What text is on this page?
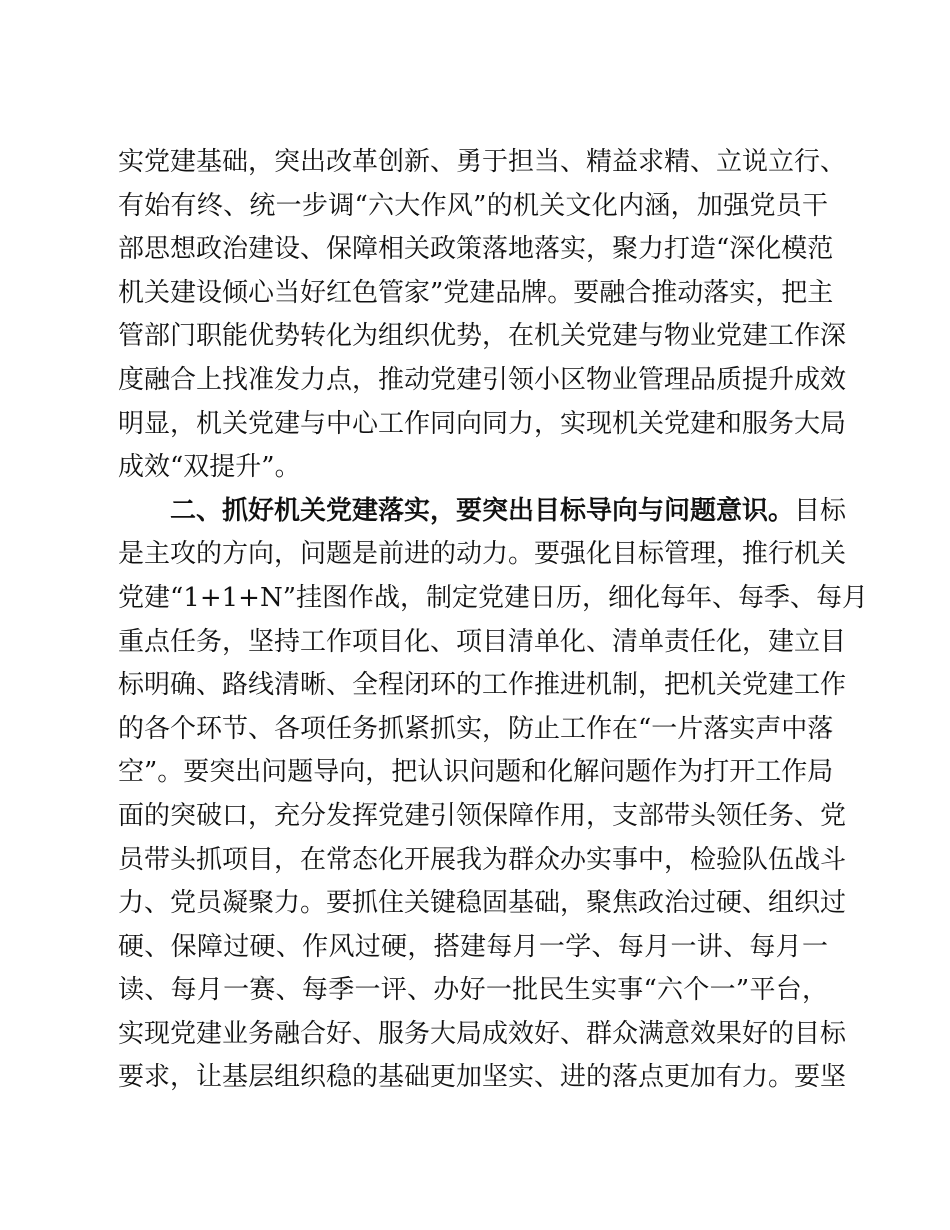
实党建基础，突出改革创新、勇于担当、精益求精、立说立行、
有始有终、统一步调“六大作风”的机关文化内涵，加强党员干
部思想政治建设、保障相关政策落地落实，聚力打造“深化模范
机关建设倾心当好红色管家”党建品牌。要融合推动落实，把主
管部门职能优势转化为组织优势，在机关党建与物业党建工作深
度融合上找准发力点，推动党建引领小区物业管理品质提升成效
明显，机关党建与中心工作同向同力，实现机关党建和服务大局
成效“双提升”。
二、抓好机关党建落实，要突出目标导向与问题意识。目标
是主攻的方向，问题是前进的动力。要强化目标管理，推行机关
党建“1+1+N”挂图作战，制定党建日历，细化每年、每季、每月
重点任务，坚持工作项目化、项目清单化、清单责任化，建立目
标明确、路线清晰、全程闭环的工作推进机制，把机关党建工作
的各个环节、各项任务抓紧抓实，防止工作在“一片落实声中落
空”。要突出问题导向，把认识问题和化解问题作为打开工作局
面的突破口，充分发挥党建引领保障作用，支部带头领任务、党
员带头抓项目，在常态化开展我为群众办实事中，检验队伍战斗
力、党员凝聚力。要抓住关键稳固基础，聚焦政治过硬、组织过
硬、保障过硬、作风过硬，搭建每月一学、每月一讲、每月一
读、每月一赛、每季一评、办好一批民生实事“六个一”平台，
实现党建业务融合好、服务大局成效好、群众满意效果好的目标
要求，让基层组织稳的基础更加坚实、进的落点更加有力。要坚
